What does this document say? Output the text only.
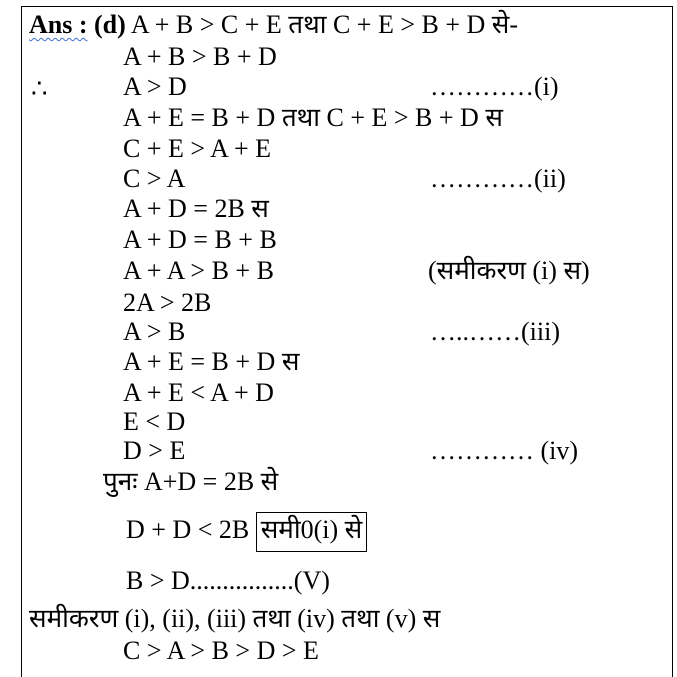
Ans : (d) A + B > C + E तथा C + E > B + D से-
A + B > B + D
∴	A > D	…………(i)
A + E = B + D तथा C + E > B + D स
C + E > A + E
C > A	…………(ii)
A + D = 2B स
A + D = B + B
A + A > B + B	(समीकरण (i) स)
2A > 2B
A > B	…..……(iii)
A + E = B + D स
A + E < A + D
E < D
D > E	………… (iv)
पुनः A+D = 2B से
D + D < 2B समी0(i) से
B > D................(V)
समीकरण (i), (ii), (iii) तथा (iv) तथा (v) स
C > A > B > D > E
